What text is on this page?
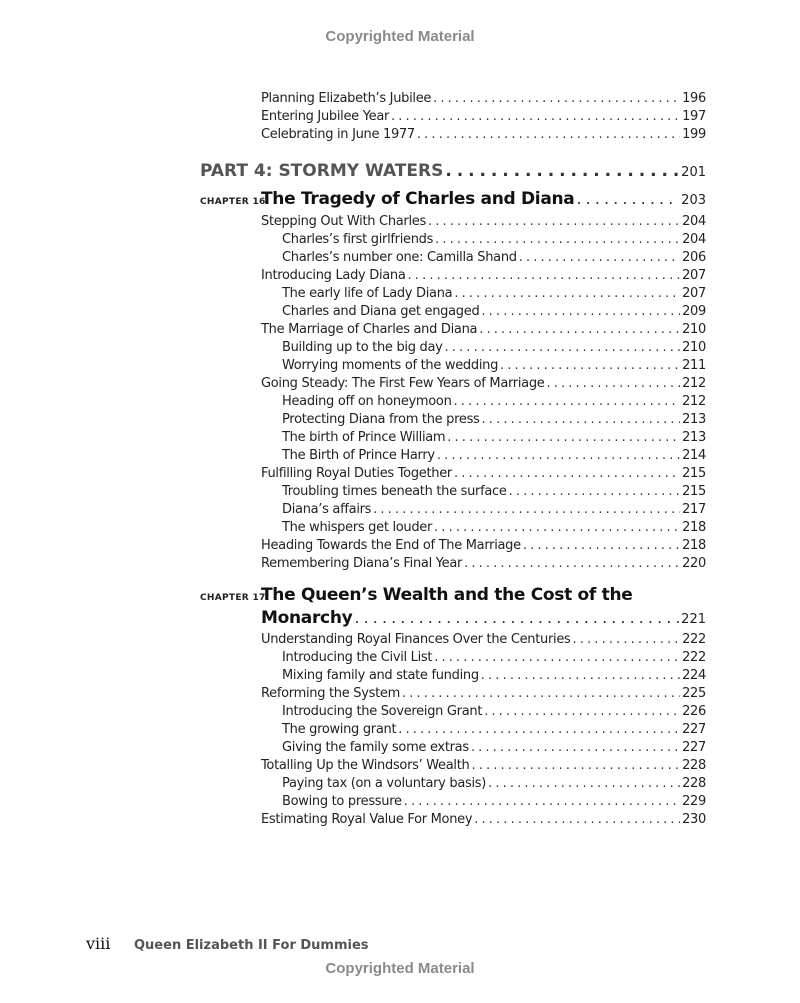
Copyrighted Material
Planning Elizabeth’s Jubilee . . .	196
Entering Jubilee Year . . .	197
Celebrating in June 1977 . . .	199
PART 4: STORMY WATERS . . .	201
CHAPTER 16:
The Tragedy of Charles and Diana . . .	203
Stepping Out With Charles . . .	204
Charles’s first girlfriends . . .	204
Charles’s number one: Camilla Shand . . .	206
Introducing Lady Diana . . .	207
The early life of Lady Diana . . .	207
Charles and Diana get engaged . . .	209
The Marriage of Charles and Diana . . .	210
Building up to the big day . . .	210
Worrying moments of the wedding . . .	211
Going Steady: The First Few Years of Marriage . . .	212
Heading off on honeymoon . . .	212
Protecting Diana from the press . . .	213
The birth of Prince William . . .	213
The Birth of Prince Harry . . .	214
Fulfilling Royal Duties Together . . .	215
Troubling times beneath the surface . . .	215
Diana’s affairs . . .	217
The whispers get louder . . .	218
Heading Towards the End of The Marriage . . .	218
Remembering Diana’s Final Year . . .	220
CHAPTER 17:
The Queen’s Wealth and the Cost of the
Monarchy . . .	221
Understanding Royal Finances Over the Centuries . . .	222
Introducing the Civil List . . .	222
Mixing family and state funding . . .	224
Reforming the System . . .	225
Introducing the Sovereign Grant . . .	226
The growing grant . . .	227
Giving the family some extras . . .	227
Totalling Up the Windsors’ Wealth . . .	228
Paying tax (on a voluntary basis) . . .	228
Bowing to pressure . . .	229
Estimating Royal Value For Money . . .	230
viii	Queen Elizabeth II For Dummies
Copyrighted Material
